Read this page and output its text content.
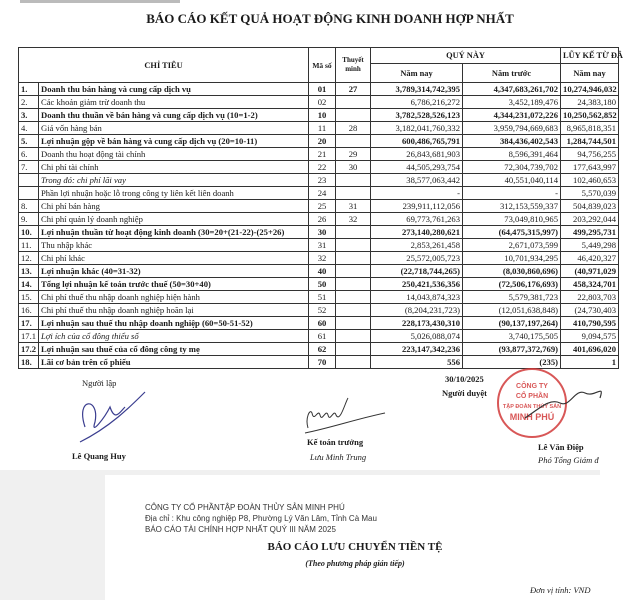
BÁO CÁO KẾT QUẢ HOẠT ĐỘNG KINH DOANH HỢP NHẤT
CHỈ TIÊU		Mã số	Thuyết minh	QUÝ NÀY		LŨY KẾ TỪ ĐẦ
				Năm nay	Năm trước	Năm nay
1.	Doanh thu bán hàng và cung cấp dịch vụ	01	27	3,789,314,742,395	4,347,683,261,702	10,274,946,032
2.	Các khoản giảm trừ doanh thu	02		6,786,216,272	3,452,189,476	24,383,180
3.	Doanh thu thuần về bán hàng và cung cấp dịch vụ (10=1-2)	10		3,782,528,526,123	4,344,231,072,226	10,250,562,852
4.	Giá vốn hàng bán	11	28	3,182,041,760,332	3,959,794,669,683	8,965,818,351
5.	Lợi nhuận gộp về bán hàng và cung cấp dịch vụ (20=10-11)	20		600,486,765,791	384,436,402,543	1,284,744,501
6.	Doanh thu hoạt động tài chính	21	29	26,843,681,903	8,596,391,464	94,756,255
7.	Chi phí tài chính	22	30	44,505,293,754	72,304,739,702	177,643,997
	Trong đó: chi phí lãi vay	23		38,577,063,442	40,551,040,114	102,460,653
	Phần lợi nhuận hoặc lỗ trong công ty liên kết liên doanh	24		-	-	5,570,039
8.	Chi phí bán hàng	25	31	239,911,112,056	312,153,559,337	504,839,023
9.	Chi phí quản lý doanh nghiệp	26	32	69,773,761,263	73,049,810,965	203,292,044
10.	Lợi nhuận thuần từ hoạt động kinh doanh (30=20+(21-22)-(25+26)	30		273,140,280,621	(64,475,315,997)	499,295,731
11.	Thu nhập khác	31		2,853,261,458	2,671,073,599	5,449,298
12.	Chi phí khác	32		25,572,005,723	10,701,934,295	46,420,327
13.	Lợi nhuận khác (40=31-32)	40		(22,718,744,265)	(8,030,860,696)	(40,971,029
14.	Tổng lợi nhuận kế toán trước thuế (50=30+40)	50		250,421,536,356	(72,506,176,693)	458,324,701
15.	Chi phí thuế thu nhập doanh nghiệp hiện hành	51		14,043,874,323	5,579,381,723	22,803,703
16.	Chi phí thuế thu nhập doanh nghiệp hoãn lại	52		(8,204,231,723)	(12,051,638,848)	(24,730,403
17.	Lợi nhuận sau thuế thu nhập doanh nghiệp (60=50-51-52)	60		228,173,430,310	(90,137,197,264)	410,790,595
17.1	Lợi ích của cổ đông thiểu số	61		5,026,088,074	3,740,175,505	9,094,575
17.2	Lợi nhuận sau thuế của cổ đông công ty mẹ	62		223,147,342,236	(93,877,372,769)	401,696,020
18.	Lãi cơ bản trên cổ phiếu	70		556	(235)	1
Người lập
Lê Quang Huy
Kế toán trưởng
Lưu Minh Trung
30/10/2025
Người duyệt
CÔNG TY
CỔ PHẦN
TẬP ĐOÀN THỦY SẢN
MINH PHÚ
Lê Văn Điệp
Phó Tổng Giám đ
CÔNG TY CỔ PHẦNTẬP ĐOÀN THỦY SẢN MINH PHÚ
Địa chỉ : Khu công nghiệp P8, Phường Lý Văn Lâm, Tỉnh Cà Mau
BÁO CÁO TÀI CHÍNH HỢP NHẤT QUÝ III NĂM 2025
BÁO CÁO LƯU CHUYỂN TIỀN TỆ
(Theo phương pháp gián tiếp)
Đơn vị tính: VND
